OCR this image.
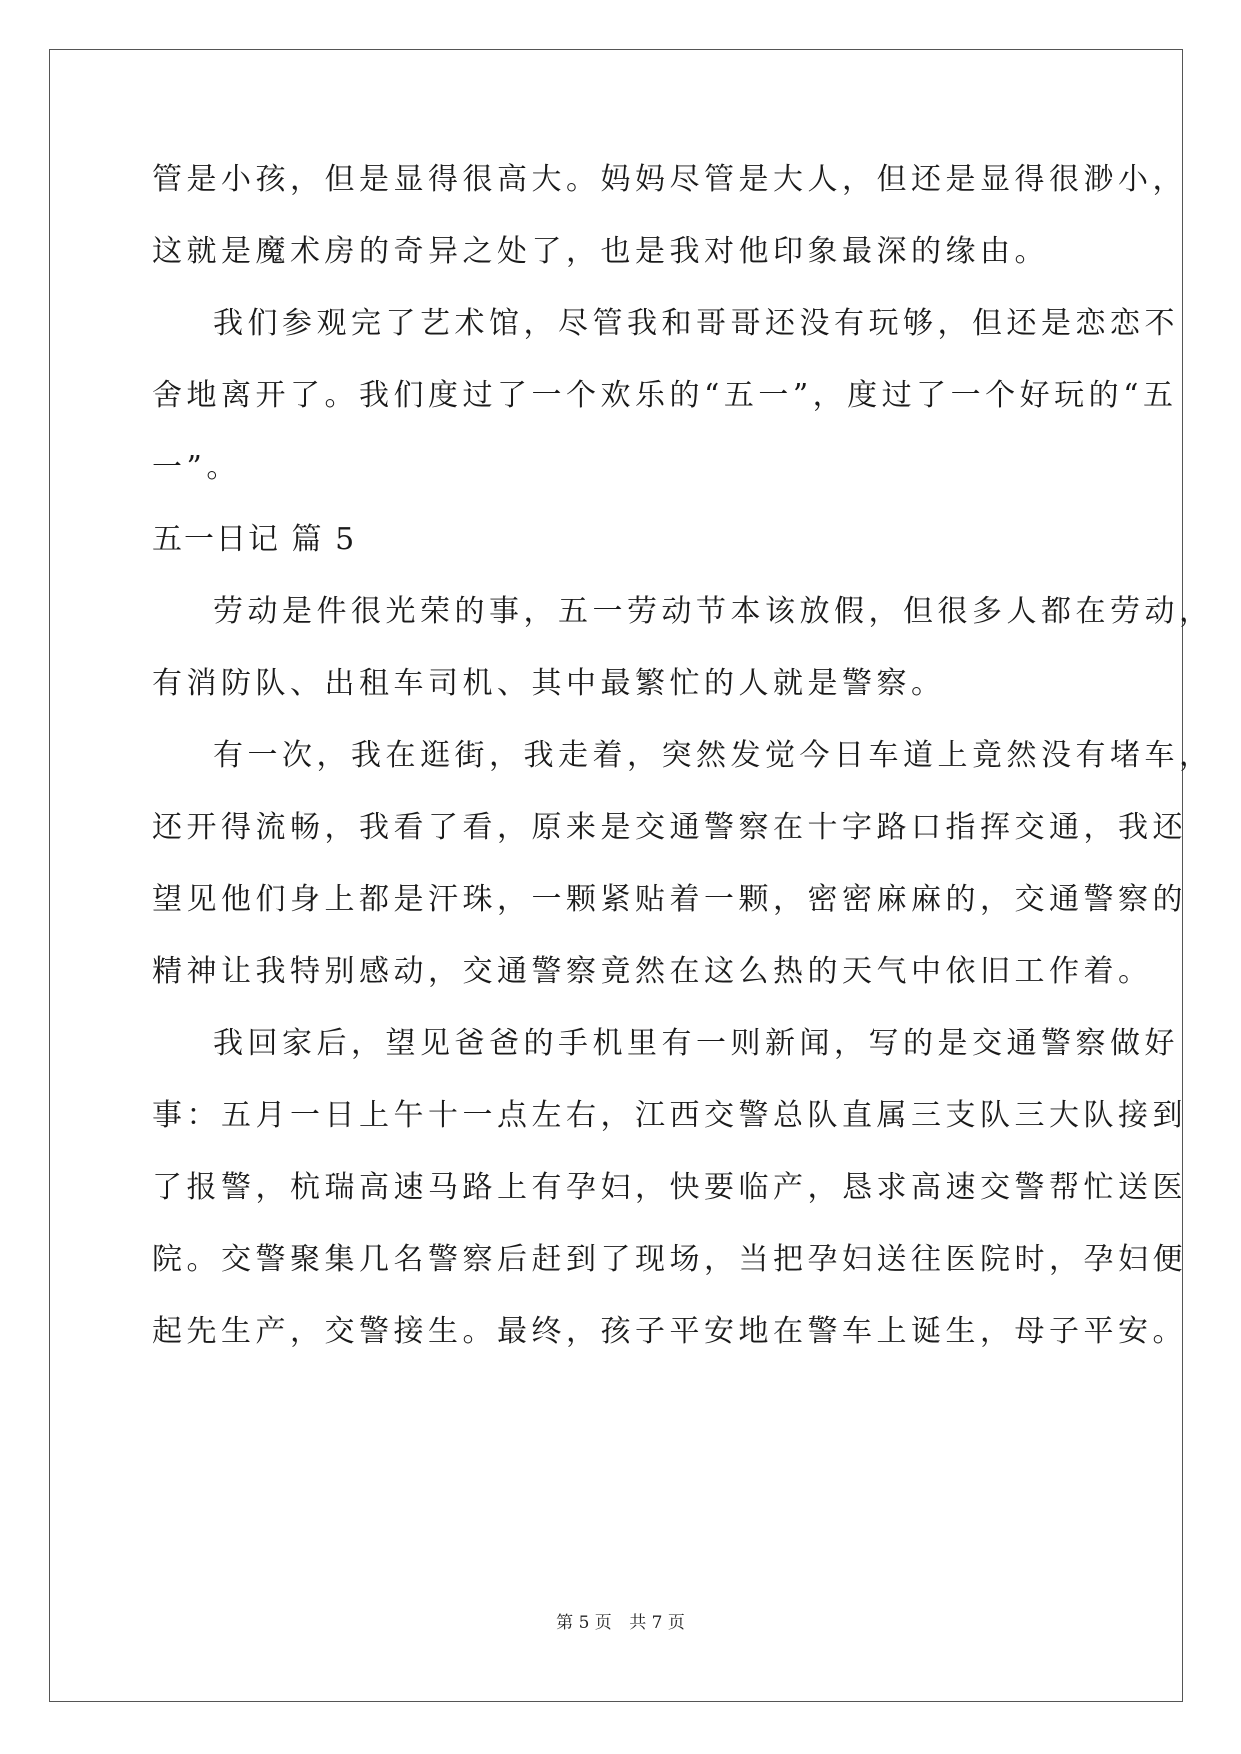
管是小孩，但是显得很高大。妈妈尽管是大人，但还是显得很渺小，
这就是魔术房的奇异之处了，也是我对他印象最深的缘由。
我们参观完了艺术馆，尽管我和哥哥还没有玩够，但还是恋恋不
舍地离开了。我们度过了一个欢乐的“五一”，度过了一个好玩的“五
一”。
五一日记 篇 5
劳动是件很光荣的事，五一劳动节本该放假，但很多人都在劳动，
有消防队、出租车司机、其中最繁忙的人就是警察。
有一次，我在逛街，我走着，突然发觉今日车道上竟然没有堵车，
还开得流畅，我看了看，原来是交通警察在十字路口指挥交通，我还
望见他们身上都是汗珠，一颗紧贴着一颗，密密麻麻的，交通警察的
精神让我特别感动，交通警察竟然在这么热的天气中依旧工作着。
我回家后，望见爸爸的手机里有一则新闻，写的是交通警察做好
事：五月一日上午十一点左右，江西交警总队直属三支队三大队接到
了报警，杭瑞高速马路上有孕妇，快要临产，恳求高速交警帮忙送医
院。交警聚集几名警察后赶到了现场，当把孕妇送往医院时，孕妇便
起先生产，交警接生。最终，孩子平安地在警车上诞生，母子平安。
第 5 页 共 7 页
